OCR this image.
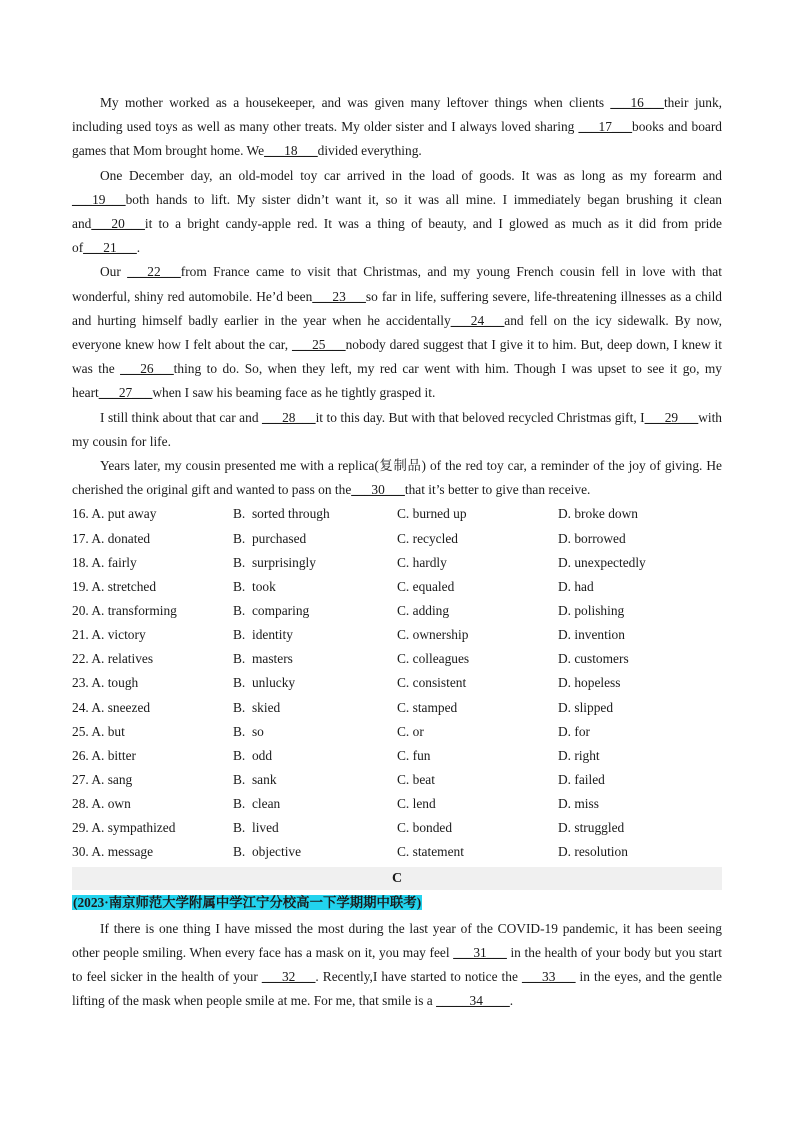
My mother worked as a housekeeper, and was given many leftover things when clients ___16___their junk, including used toys as well as many other treats. My older sister and I always loved sharing ___17___books and board games that Mom brought home. We___18___divided everything.

One December day, an old-model toy car arrived in the load of goods. It was as long as my forearm and ___19___both hands to lift. My sister didn’t want it, so it was all mine. I immediately began brushing it clean and___20___it to a bright candy-apple red. It was a thing of beauty, and I glowed as much as it did from pride of___21___.

Our ___22___from France came to visit that Christmas, and my young French cousin fell in love with that wonderful, shiny red automobile. He’d been___23___so far in life, suffering severe, life-threatening illnesses as a child and hurting himself badly earlier in the year when he accidentally___24___and fell on the icy sidewalk. By now, everyone knew how I felt about the car, ___25___nobody dared suggest that I give it to him. But, deep down, I knew it was the ___26___thing to do. So, when they left, my red car went with him. Though I was upset to see it go, my heart___27___when I saw his beaming face as he tightly grasped it.

I still think about that car and ___28___it to this day. But with that beloved recycled Christmas gift, I___29___with my cousin for life.

Years later, my cousin presented me with a replica(复制品) of the red toy car, a reminder of the joy of giving. He cherished the original gift and wanted to pass on the___30___that it’s better to give than receive.

16. A. put away	B.  sorted through	C. burned up	D. broke down
17. A. donated	B.  purchased	C. recycled	D. borrowed
18. A. fairly	B.  surprisingly	C. hardly	D. unexpectedly
19. A. stretched	B.  took	C. equaled	D. had
20. A. transforming	B.  comparing	C. adding	D. polishing
21. A. victory	B.  identity	C. ownership	D. invention
22. A. relatives	B.  masters	C. colleagues	D. customers
23. A. tough	B.  unlucky	C. consistent	D. hopeless
24. A. sneezed	B.  skied	C. stamped	D. slipped
25. A. but	B.  so	C. or	D. for
26. A. bitter	B.  odd	C. fun	D. right
27. A. sang	B.  sank	C. beat	D. failed
28. A. own	B.  clean	C. lend	D. miss
29. A. sympathized	B.  lived	C. bonded	D. struggled
30. A. message	B.  objective	C. statement	D. resolution
C
(2023·南京师范大学附属中学江宁分校高一下学期期中联考)

If there is one thing I have missed the most during the last year of the COVID-19 pandemic, it has been seeing other people smiling. When every face has a mask on it, you may feel ___31___ in the health of your body but you start to feel sicker in the health of your ___32___. Recently,I have started to notice the ___33___ in the eyes, and the gentle lifting of the mask when people smile at me. For me, that smile is a _____34____.
